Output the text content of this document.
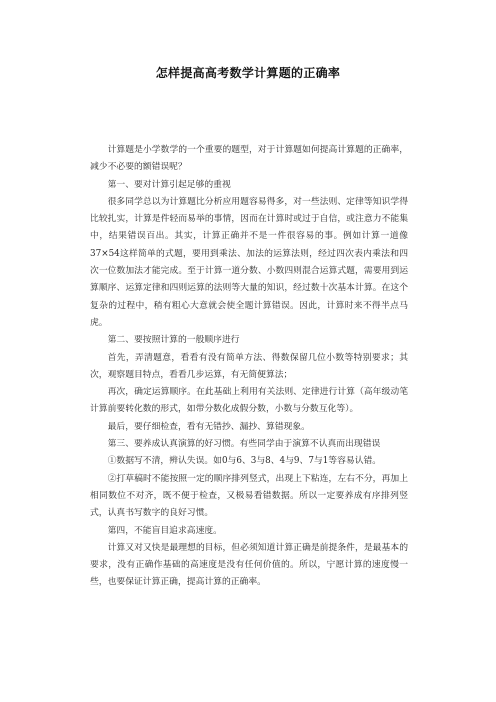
怎样提高高考数学计算题的正确率

计算题是小学数学的一个重要的题型，对于计算题如何提高计算题的正确率，减少不必要的额错误呢？

第一、要对计算引起足够的重视

很多同学总以为计算题比分析应用题容易得多，对一些法则、定律等知识学得比较扎实，计算是件轻而易举的事情，因而在计算时或过于自信，或注意力不能集中，结果错误百出。其实，计算正确并不是一件很容易的事。例如计算一道像37×54这样简单的式题，要用到乘法、加法的运算法则，经过四次表内乘法和四次一位数加法才能完成。至于计算一道分数、小数四则混合运算式题，需要用到运算顺序、运算定律和四则运算的法则等大量的知识，经过数十次基本计算。在这个复杂的过程中，稍有粗心大意就会使全题计算错误。因此，计算时来不得半点马虎。

第二、要按照计算的一般顺序进行

首先，弄清题意，看看有没有简单方法、得数保留几位小数等特别要求；其次，观察题目特点，看看几步运算，有无简便算法；

再次，确定运算顺序。在此基础上利用有关法则、定律进行计算（高年级动笔计算前要转化数的形式，如带分数化成假分数，小数与分数互化等）。

最后，要仔细检查，看有无错抄、漏抄、算错现象。

第三、要养成认真演算的好习惯。有些同学由于演算不认真而出现错误

①数据写不清，辨认失误。如0与6、3与8、4与9、7与1等容易认错。

②打草稿时不能按照一定的顺序排列竖式，出现上下粘连，左右不分，再加上相同数位不对齐，既不便于检查，又极易看错数据。所以一定要养成有序排列竖式，认真书写数字的良好习惯。

第四，不能盲目追求高速度。

计算又对又快是最理想的目标，但必须知道计算正确是前提条件，是最基本的要求，没有正确作基础的高速度是没有任何价值的。所以，宁愿计算的速度慢一些，也要保证计算正确，提高计算的正确率。
